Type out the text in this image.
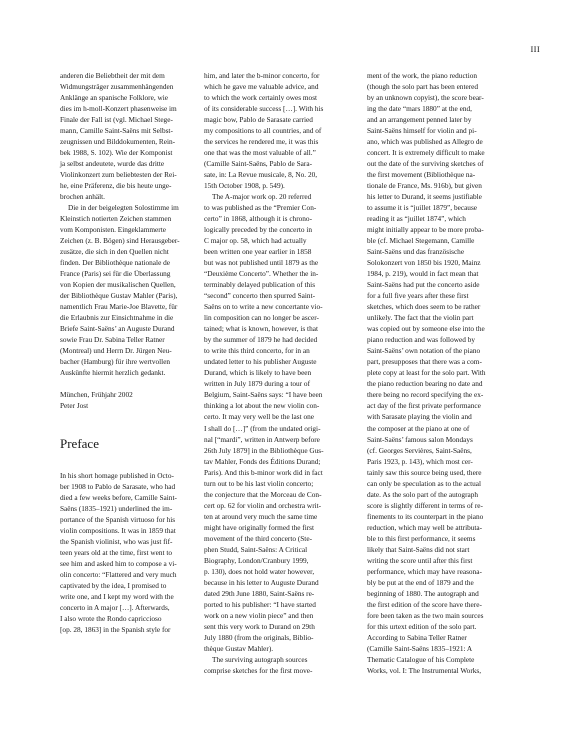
III
anderen die Beliebtheit der mit dem
Widmungsträger zusammenhängenden
Anklänge an spanische Folklore, wie
dies im h-moll-Konzert phasenweise im
Finale der Fall ist (vgl. Michael Stege-
mann, Camille Saint-Saëns mit Selbst-
zeugnissen und Bilddokumenten, Rein-
bek 1988, S. 102). Wie der Komponist
ja selbst andeutete, wurde das dritte
Violinkonzert zum beliebtesten der Rei-
he, eine Präferenz, die bis heute unge-
brochen anhält.
Die in der beigelegten Solostimme im
Kleinstich notierten Zeichen stammen
vom Komponisten. Eingeklammerte
Zeichen (z. B. Bögen) sind Herausgeber-
zusätze, die sich in den Quellen nicht
finden. Der Bibliothèque nationale de
France (Paris) sei für die Überlassung
von Kopien der musikalischen Quellen,
der Bibliothèque Gustav Mahler (Paris),
namentlich Frau Marie-Joe Blavette, für
die Erlaubnis zur Einsichtnahme in die
Briefe Saint-Saëns’ an Auguste Durand
sowie Frau Dr. Sabina Teller Ratner
(Montreal) und Herrn Dr. Jürgen Neu-
bacher (Hamburg) für ihre wertvollen
Auskünfte hiermit herzlich gedankt.
München, Frühjahr 2002
Peter Jost
Preface
In his short homage published in Octo-
ber 1908 to Pablo de Sarasate, who had
died a few weeks before, Camille Saint-
Saëns (1835–1921) underlined the im-
portance of the Spanish virtuoso for his
violin compositions. It was in 1859 that
the Spanish violinist, who was just fif-
teen years old at the time, first went to
see him and asked him to compose a vi-
olin concerto: “Flattered and very much
captivated by the idea, I promised to
write one, and I kept my word with the
concerto in A major […]. Afterwards,
I also wrote the Rondo capriccioso
[op. 28, 1863] in the Spanish style for
him, and later the b-minor concerto, for
which he gave me valuable advice, and
to which the work certainly owes most
of its considerable success […]. With his
magic bow, Pablo de Sarasate carried
my compositions to all countries, and of
the services he rendered me, it was this
one that was the most valuable of all.”
(Camille Saint-Saëns, Pablo de Sara-
sate, in: La Revue musicale, 8, No. 20,
15th October 1908, p. 549).
The A-major work op. 20 referred
to was published as the “Premier Con-
certo” in 1868, although it is chrono-
logically preceded by the concerto in
C major op. 58, which had actually
been written one year earlier in 1858
but was not published until 1879 as the
“Deuxième Concerto”. Whether the in-
terminably delayed publication of this
“second” concerto then spurred Saint-
Saëns on to write a new concertante vio-
lin composition can no longer be ascer-
tained; what is known, however, is that
by the summer of 1879 he had decided
to write this third concerto, for in an
undated letter to his publisher Auguste
Durand, which is likely to have been
written in July 1879 during a tour of
Belgium, Saint-Saëns says: “I have been
thinking a lot about the new violin con-
certo. It may very well be the last one
I shall do […]” (from the undated origi-
nal [“mardi”, written in Antwerp before
26th July 1879] in the Bibliothèque Gus-
tav Mahler, Fonds des Éditions Durand;
Paris). And this b-minor work did in fact
turn out to be his last violin concerto;
the conjecture that the Morceau de Con-
cert op. 62 for violin and orchestra writ-
ten at around very much the same time
might have originally formed the first
movement of the third concerto (Ste-
phen Studd, Saint-Saëns: A Critical
Biography, London/Cranbury 1999,
p. 130), does not hold water however,
because in his letter to Auguste Durand
dated 29th June 1880, Saint-Saëns re-
ported to his publisher: “I have started
work on a new violin piece” and then
sent this very work to Durand on 29th
July 1880 (from the originals, Biblio-
thèque Gustav Mahler).
The surviving autograph sources
comprise sketches for the first move-
ment of the work, the piano reduction
(though the solo part has been entered
by an unknown copyist), the score bear-
ing the date “mars 1880” at the end,
and an arrangement penned later by
Saint-Saëns himself for violin and pi-
ano, which was published as Allegro de
concert. It is extremely difficult to make
out the date of the surviving sketches of
the first movement (Bibliothèque na-
tionale de France, Ms. 916b), but given
his letter to Durand, it seems justifiable
to assume it is “juillet 1879”, because
reading it as “juillet 1874”, which
might initially appear to be more proba-
ble (cf. Michael Stegemann, Camille
Saint-Saëns und das französische
Solokonzert von 1850 bis 1920, Mainz
1984, p. 219), would in fact mean that
Saint-Saëns had put the concerto aside
for a full five years after these first
sketches, which does seem to be rather
unlikely. The fact that the violin part
was copied out by someone else into the
piano reduction and was followed by
Saint-Saëns’ own notation of the piano
part, presupposes that there was a com-
plete copy at least for the solo part. With
the piano reduction bearing no date and
there being no record specifying the ex-
act day of the first private performance
with Sarasate playing the violin and
the composer at the piano at one of
Saint-Saëns’ famous salon Mondays
(cf. Georges Servières, Saint-Saëns,
Paris 1923, p. 143), which most cer-
tainly saw this source being used, there
can only be speculation as to the actual
date. As the solo part of the autograph
score is slightly different in terms of re-
finements to its counterpart in the piano
reduction, which may well be attributa-
ble to this first performance, it seems
likely that Saint-Saëns did not start
writing the score until after this first
performance, which may have reasona-
bly be put at the end of 1879 and the
beginning of 1880. The autograph and
the first edition of the score have there-
fore been taken as the two main sources
for this urtext edition of the solo part.
According to Sabina Teller Ratner
(Camille Saint-Saëns 1835–1921: A
Thematic Catalogue of his Complete
Works, vol. I: The Instrumental Works,
